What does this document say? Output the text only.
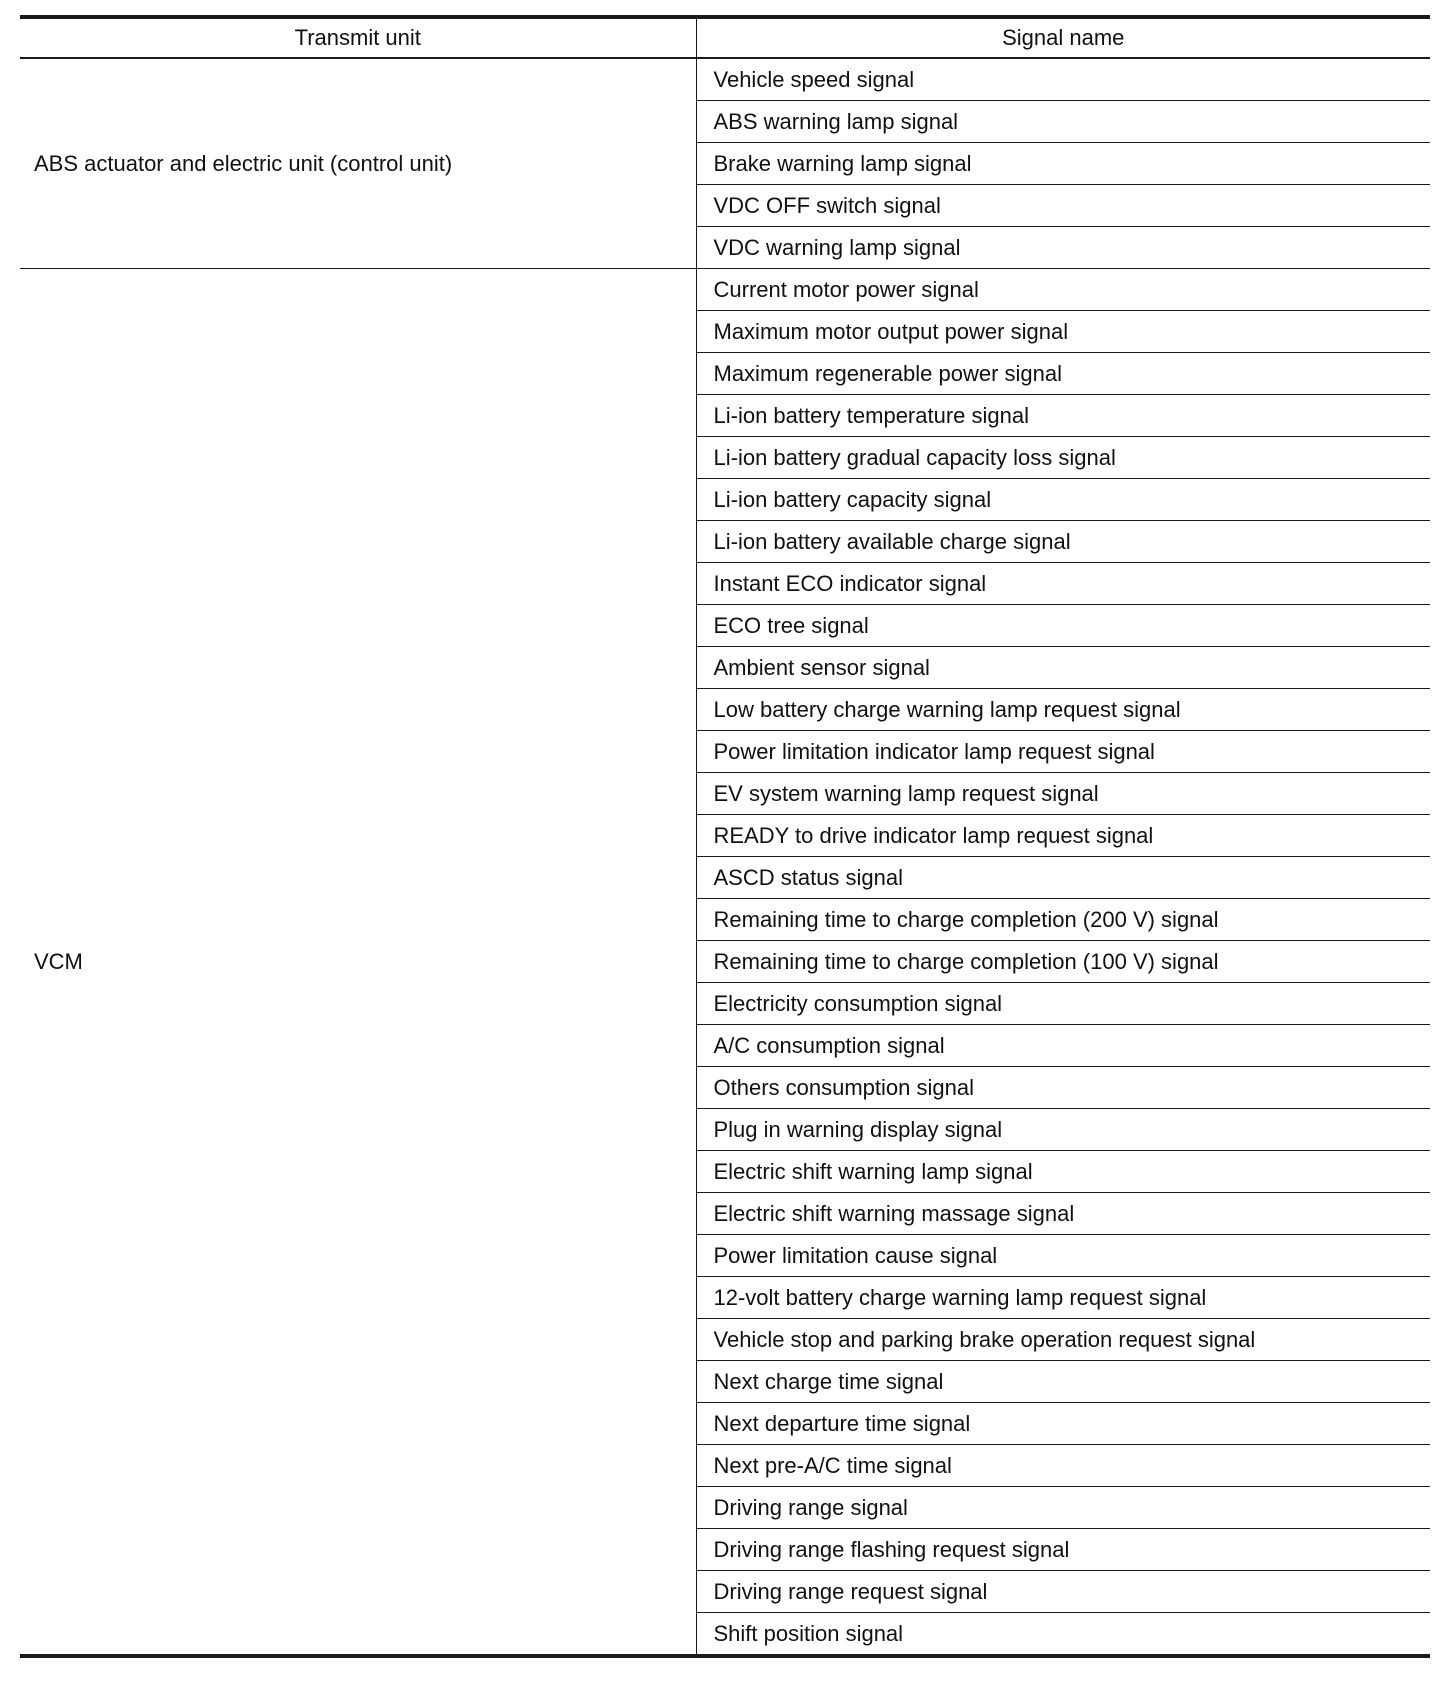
Transmit unit	Signal name
ABS actuator and electric unit (control unit)	Vehicle speed signal
	ABS warning lamp signal
	Brake warning lamp signal
	VDC OFF switch signal
	VDC warning lamp signal
VCM	Current motor power signal
	Maximum motor output power signal
	Maximum regenerable power signal
	Li-ion battery temperature signal
	Li-ion battery gradual capacity loss signal
	Li-ion battery capacity signal
	Li-ion battery available charge signal
	Instant ECO indicator signal
	ECO tree signal
	Ambient sensor signal
	Low battery charge warning lamp request signal
	Power limitation indicator lamp request signal
	EV system warning lamp request signal
	READY to drive indicator lamp request signal
	ASCD status signal
	Remaining time to charge completion (200 V) signal
	Remaining time to charge completion (100 V) signal
	Electricity consumption signal
	A/C consumption signal
	Others consumption signal
	Plug in warning display signal
	Electric shift warning lamp signal
	Electric shift warning massage signal
	Power limitation cause signal
	12-volt battery charge warning lamp request signal
	Vehicle stop and parking brake operation request signal
	Next charge time signal
	Next departure time signal
	Next pre-A/C time signal
	Driving range signal
	Driving range flashing request signal
	Driving range request signal
	Shift position signal
